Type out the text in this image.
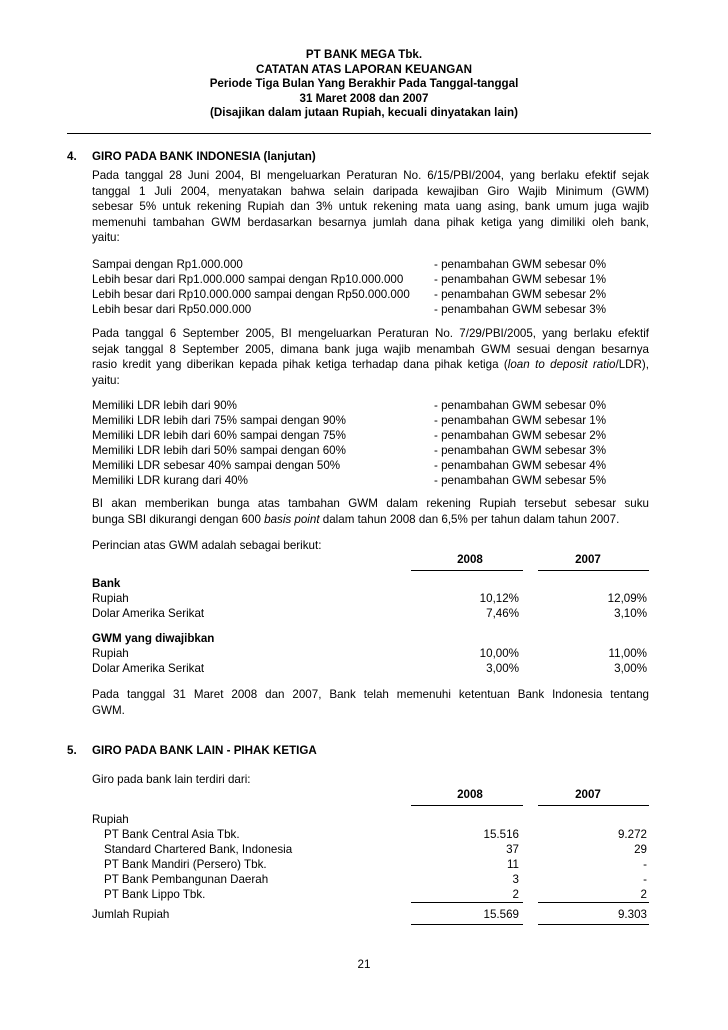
PT BANK MEGA Tbk.
CATATAN ATAS LAPORAN KEUANGAN
Periode Tiga Bulan Yang Berakhir Pada Tanggal-tanggal
31 Maret 2008 dan 2007
(Disajikan dalam jutaan Rupiah, kecuali dinyatakan lain)
4. GIRO PADA BANK INDONESIA (lanjutan)
Pada tanggal 28 Juni 2004, BI mengeluarkan Peraturan No. 6/15/PBI/2004, yang berlaku efektif sejak
tanggal 1 Juli 2004, menyatakan bahwa selain daripada kewajiban Giro Wajib Minimum (GWM)
sebesar 5% untuk rekening Rupiah dan 3% untuk rekening mata uang asing, bank umum juga wajib
memenuhi tambahan GWM berdasarkan besarnya jumlah dana pihak ketiga yang dimiliki oleh bank,
yaitu:
Sampai dengan Rp1.000.000	- penambahan GWM sebesar 0%
Lebih besar dari Rp1.000.000 sampai dengan Rp10.000.000	- penambahan GWM sebesar 1%
Lebih besar dari Rp10.000.000 sampai dengan Rp50.000.000 - penambahan GWM sebesar 2%
Lebih besar dari Rp50.000.000	- penambahan GWM sebesar 3%
Pada tanggal 6 September 2005, BI mengeluarkan Peraturan No. 7/29/PBI/2005, yang berlaku efektif
sejak tanggal 8 September 2005, dimana bank juga wajib menambah GWM sesuai dengan besarnya
rasio kredit yang diberikan kepada pihak ketiga terhadap dana pihak ketiga (loan to deposit ratio/LDR),
yaitu:
Memiliki LDR lebih dari 90%	- penambahan GWM sebesar 0%
Memiliki LDR lebih dari 75% sampai dengan 90%	- penambahan GWM sebesar 1%
Memiliki LDR lebih dari 60% sampai dengan 75%	- penambahan GWM sebesar 2%
Memiliki LDR lebih dari 50% sampai dengan 60%	- penambahan GWM sebesar 3%
Memiliki LDR sebesar 40% sampai dengan 50%	- penambahan GWM sebesar 4%
Memiliki LDR kurang dari 40%	- penambahan GWM sebesar 5%
BI akan memberikan bunga atas tambahan GWM dalam rekening Rupiah tersebut sebesar suku
bunga SBI dikurangi dengan 600 basis point dalam tahun 2008 dan 6,5% per tahun dalam tahun 2007.
Perincian atas GWM adalah sebagai berikut:
2008	2007
Bank
Rupiah	10,12%	12,09%
Dolar Amerika Serikat	7,46%	3,10%
GWM yang diwajibkan
Rupiah	10,00%	11,00%
Dolar Amerika Serikat	3,00%	3,00%
Pada tanggal 31 Maret 2008 dan 2007, Bank telah memenuhi ketentuan Bank Indonesia tentang
GWM.
5. GIRO PADA BANK LAIN - PIHAK KETIGA
Giro pada bank lain terdiri dari:
2008	2007
Rupiah
PT Bank Central Asia Tbk.	15.516	9.272
Standard Chartered Bank, Indonesia	37	29
PT Bank Mandiri (Persero) Tbk.	11	-
PT Bank Pembangunan Daerah	3	-
PT Bank Lippo Tbk.	2	2
Jumlah Rupiah	15.569	9.303
21
